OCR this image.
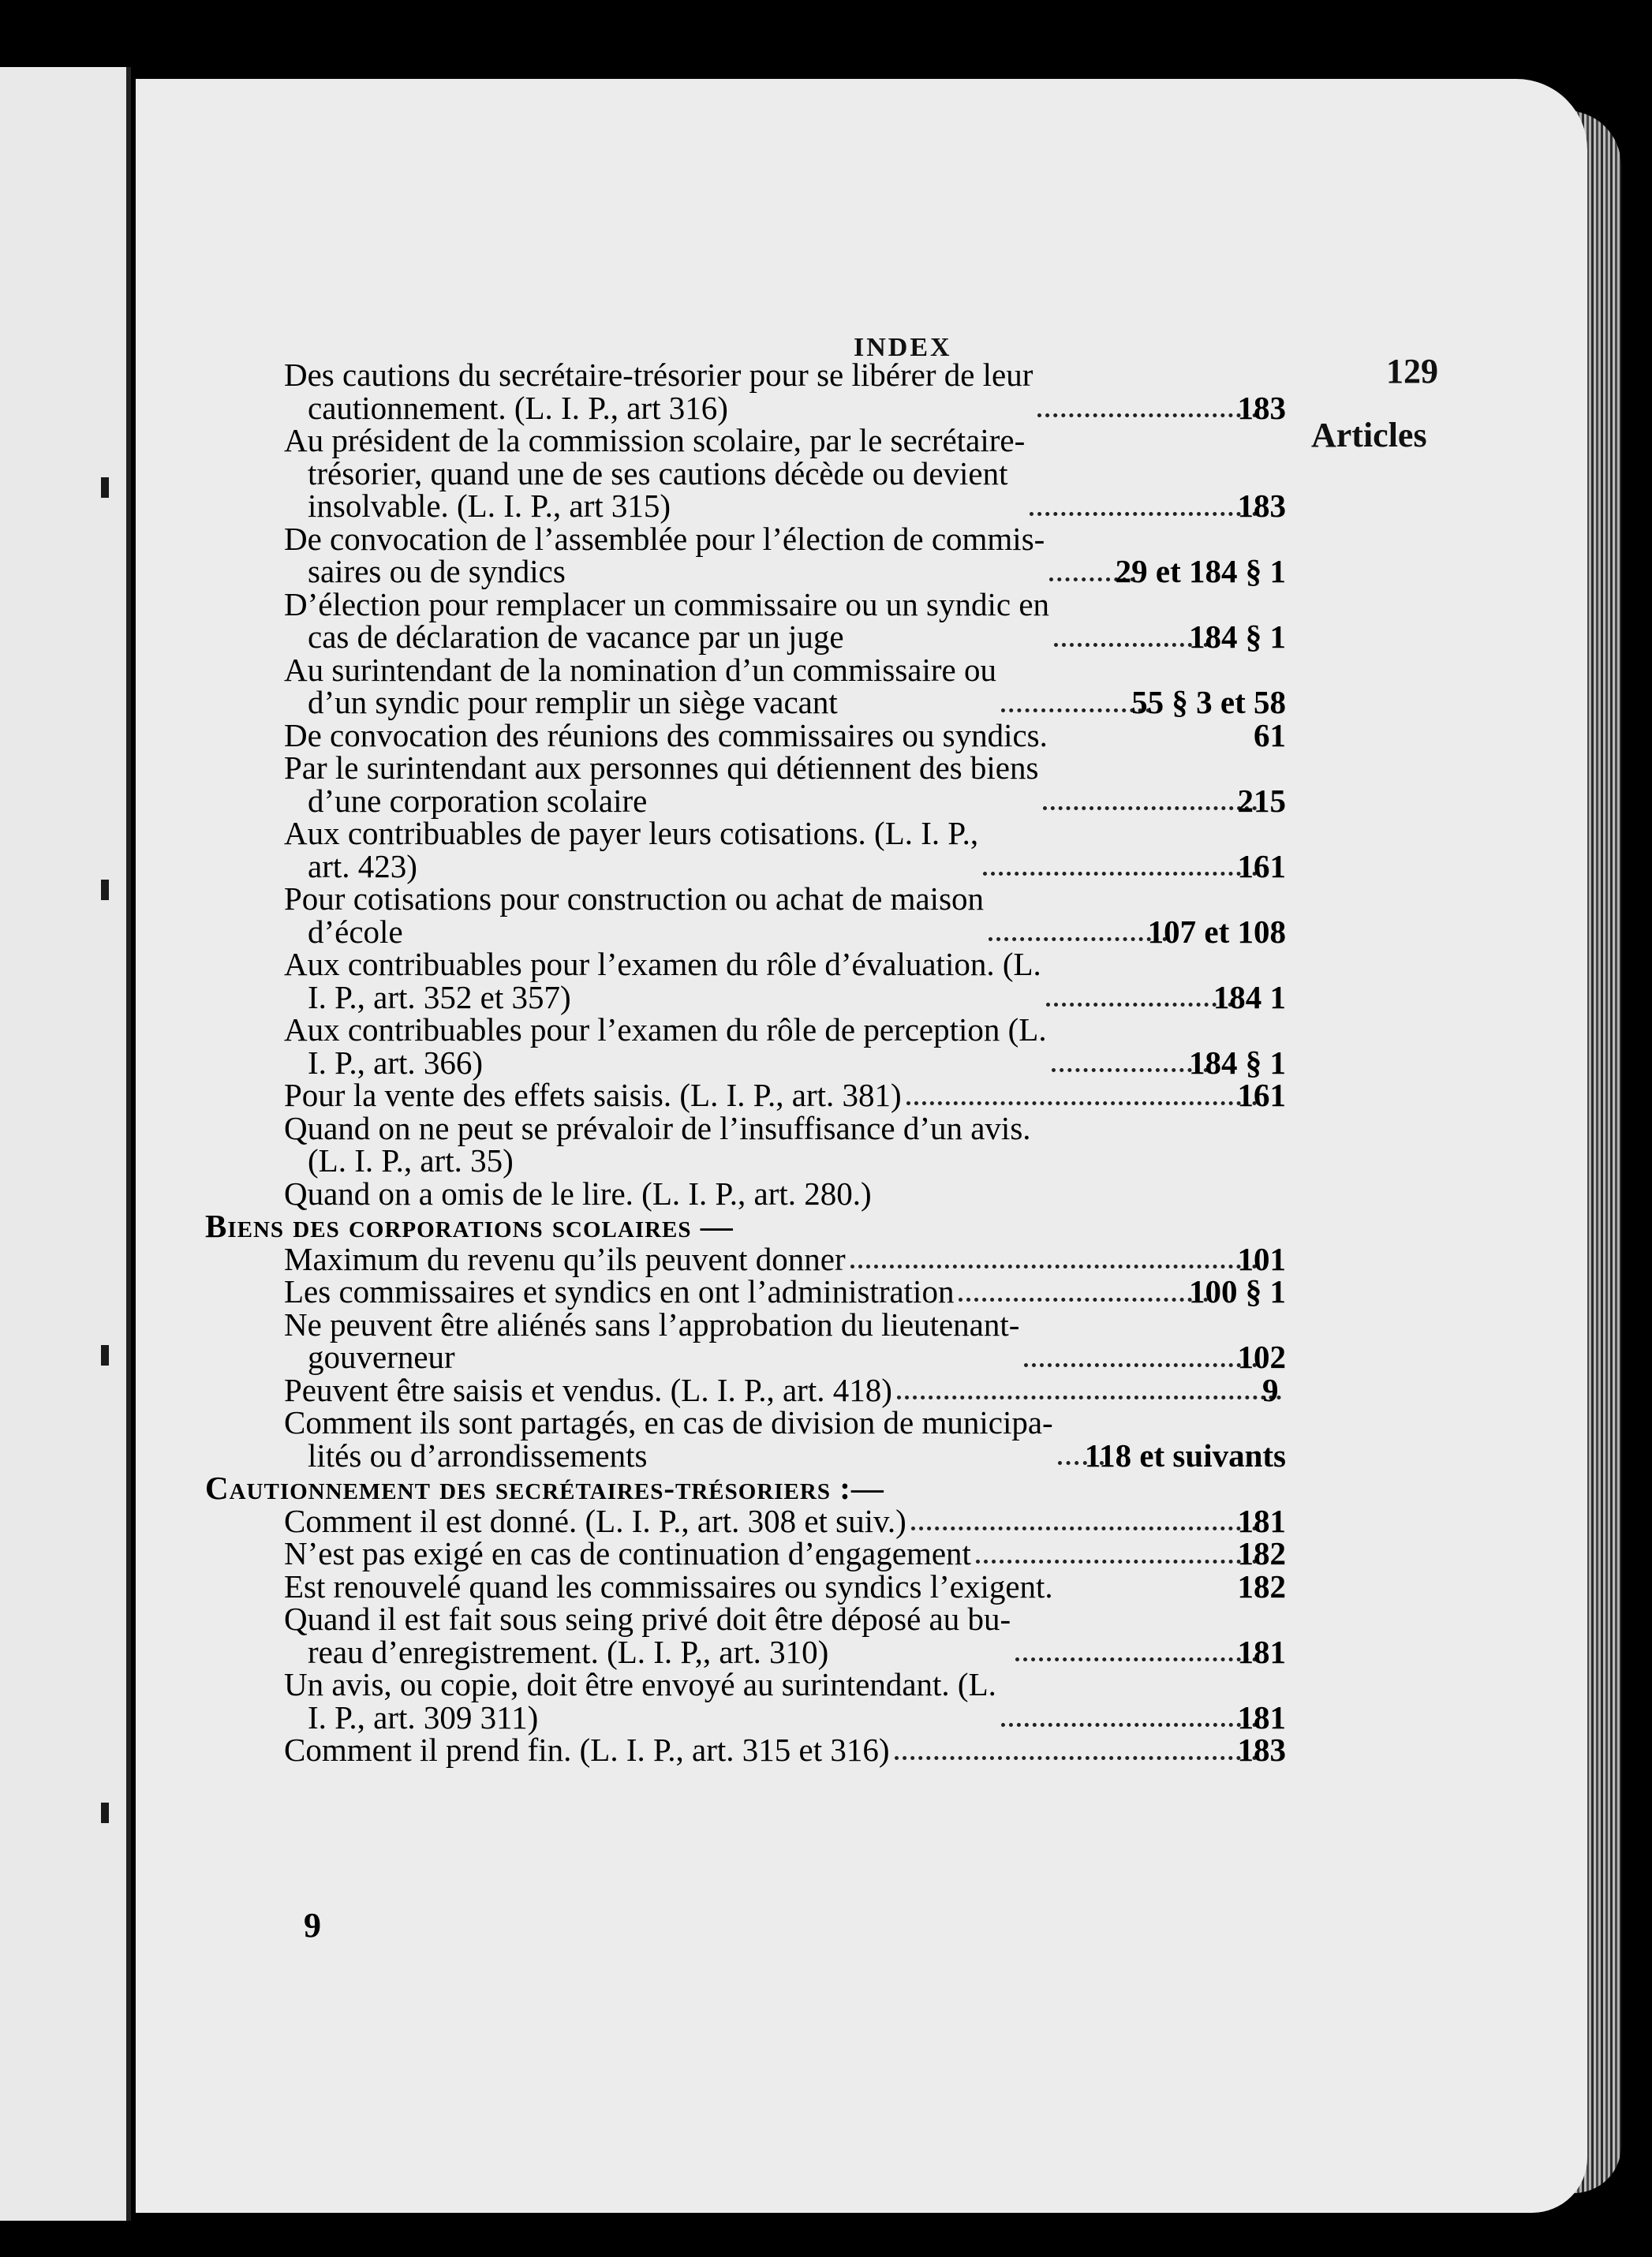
INDEX
129
Articles
Des cautions du secrétaire-trésorier pour se libérer de leur
cautionnement. (L. I. P., art 316)	183
Au président de la commission scolaire, par le secrétaire-
trésorier, quand une de ses cautions décède ou devient
insolvable. (L. I. P., art 315)	183
De convocation de l’assemblée pour l’élection de commis-
saires ou de syndics	29 et 184 § 1
D’élection pour remplacer un commissaire ou un syndic en
cas de déclaration de vacance par un juge	184 § 1
Au surintendant de la nomination d’un commissaire ou
d’un syndic pour remplir un siège vacant	55 § 3 et 58
De convocation des réunions des commissaires ou syndics.	61
Par le surintendant aux personnes qui détiennent des biens
d’une corporation scolaire	215
Aux contribuables de payer leurs cotisations. (L. I. P.,
art. 423)	161
Pour cotisations pour construction ou achat de maison
d’école	107 et 108
Aux contribuables pour l’examen du rôle d’évaluation. (L.
I. P., art. 352 et 357)	184 1
Aux contribuables pour l’examen du rôle de perception (L.
I. P., art. 366)	184 § 1
Pour la vente des effets saisis. (L. I. P., art. 381)	161
Quand on ne peut se prévaloir de l’insuffisance d’un avis.
(L. I. P., art. 35)
Quand on a omis de le lire. (L. I. P., art. 280.)
Biens des corporations scolaires —
Maximum du revenu qu’ils peuvent donner	101
Les commissaires et syndics en ont l’administration	100 § 1
Ne peuvent être aliénés sans l’approbation du lieutenant-
gouverneur	102
Peuvent être saisis et vendus. (L. I. P., art. 418)	9
Comment ils sont partagés, en cas de division de municipa-
lités ou d’arrondissements	118 et suivants
Cautionnement des secrétaires-trésoriers :—
Comment il est donné. (L. I. P., art. 308 et suiv.)	181
N’est pas exigé en cas de continuation d’engagement	182
Est renouvelé quand les commissaires ou syndics l’exigent.	182
Quand il est fait sous seing privé doit être déposé au bu-
reau d’enregistrement. (L. I. P,, art. 310)	181
Un avis, ou copie, doit être envoyé au surintendant. (L.
I. P., art. 309 311)	181
Comment il prend fin. (L. I. P., art. 315 et 316)	183
9
